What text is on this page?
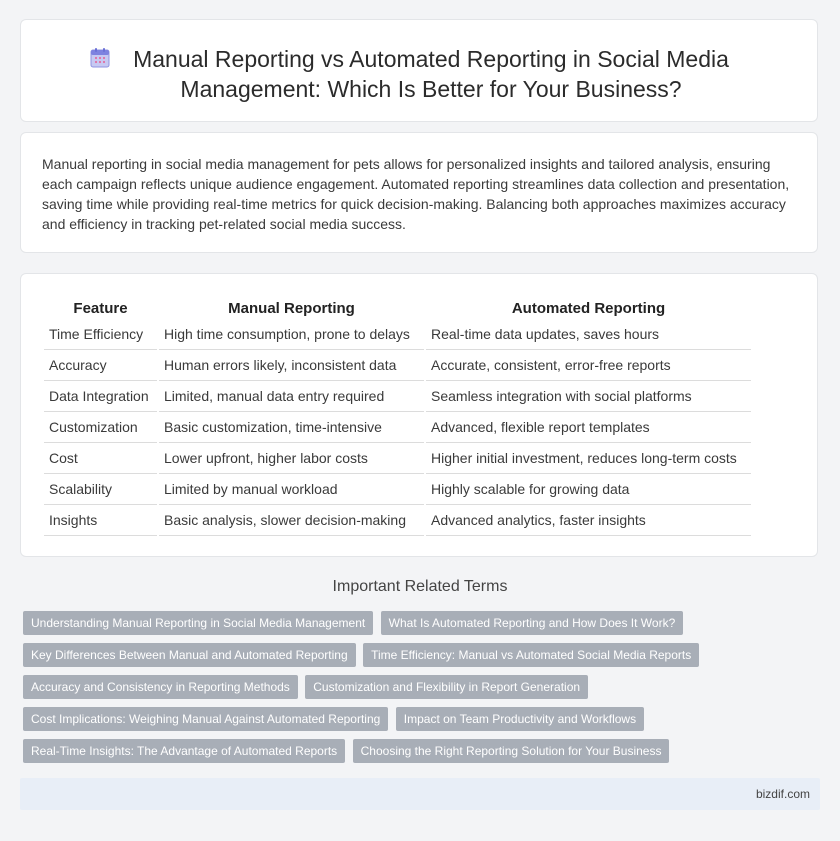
Manual Reporting vs Automated Reporting in Social Media Management: Which Is Better for Your Business?

Manual reporting in social media management for pets allows for personalized insights and tailored analysis, ensuring each campaign reflects unique audience engagement. Automated reporting streamlines data collection and presentation, saving time while providing real-time metrics for quick decision-making. Balancing both approaches maximizes accuracy and efficiency in tracking pet-related social media success.

Feature	Manual Reporting	Automated Reporting
Time Efficiency	High time consumption, prone to delays	Real-time data updates, saves hours
Accuracy	Human errors likely, inconsistent data	Accurate, consistent, error-free reports
Data Integration	Limited, manual data entry required	Seamless integration with social platforms
Customization	Basic customization, time-intensive	Advanced, flexible report templates
Cost	Lower upfront, higher labor costs	Higher initial investment, reduces long-term costs
Scalability	Limited by manual workload	Highly scalable for growing data
Insights	Basic analysis, slower decision-making	Advanced analytics, faster insights
Important Related Terms
Understanding Manual Reporting in Social Media Management What Is Automated Reporting and How Does It Work?
Key Differences Between Manual and Automated Reporting Time Efficiency: Manual vs Automated Social Media Reports
Accuracy and Consistency in Reporting Methods Customization and Flexibility in Report Generation
Cost Implications: Weighing Manual Against Automated Reporting Impact on Team Productivity and Workflows
Real-Time Insights: The Advantage of Automated Reports Choosing the Right Reporting Solution for Your Business
bizdif.com
